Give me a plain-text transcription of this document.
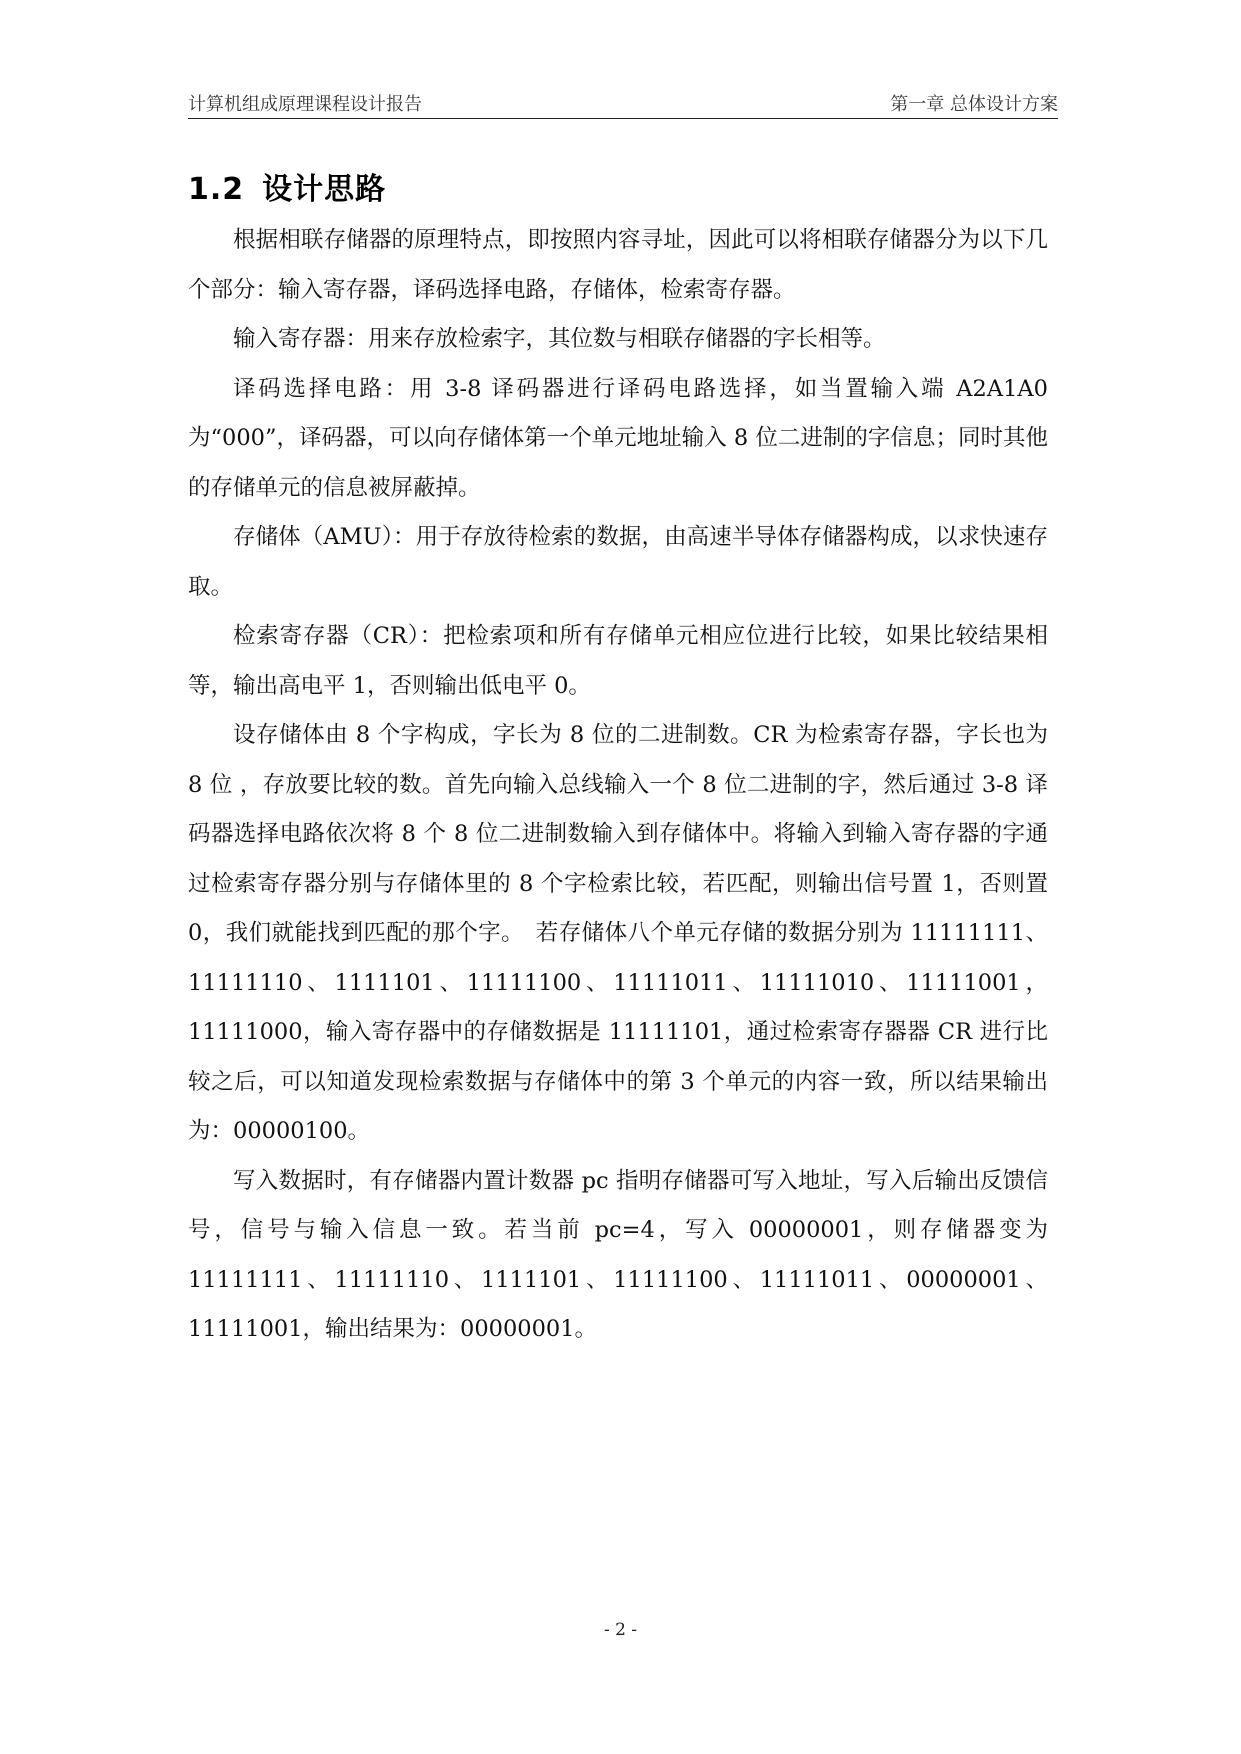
计算机组成原理课程设计报告	第一章 总体设计方案
1.2 设计思路

根据相联存储器的原理特点，即按照内容寻址，因此可以将相联存储器分为以下几个部分：输入寄存器，译码选择电路，存储体，检索寄存器。

输入寄存器：用来存放检索字，其位数与相联存储器的字长相等。

译码选择电路：用 3-8 译码器进行译码电路选择，如当置输入端 A2A1A0 为“000”，译码器，可以向存储体第一个单元地址输入 8 位二进制的字信息；同时其他的存储单元的信息被屏蔽掉。

存储体（AMU）：用于存放待检索的数据，由高速半导体存储器构成，以求快速存取。

检索寄存器（CR）：把检索项和所有存储单元相应位进行比较，如果比较结果相等，输出高电平 1，否则输出低电平 0。

设存储体由 8 个字构成，字长为 8 位的二进制数。CR 为检索寄存器，字长也为 8 位 ，存放要比较的数。首先向输入总线输入一个 8 位二进制的字，然后通过 3-8 译码器选择电路依次将 8 个 8 位二进制数输入到存储体中。将输入到输入寄存器的字通过检索寄存器分别与存储体里的 8 个字检索比较，若匹配，则输出信号置 1，否则置 0，我们就能找到匹配的那个字。　若存储体八个单元存储的数据分别为 11111111、11111110、1111101、11111100、11111011、11111010、11111001，11111000，输入寄存器中的存储数据是 11111101，通过检索寄存器器 CR 进行比较之后，可以知道发现检索数据与存储体中的第 3 个单元的内容一致，所以结果输出为：00000100。

写入数据时，有存储器内置计数器 pc 指明存储器可写入地址，写入后输出反馈信号，信号与输入信息一致。若当前 pc=4，写入 00000001，则存储器变为 11111111、11111110、1111101、11111100、11111011、00000001、11111001，输出结果为：00000001。

- 2 -
